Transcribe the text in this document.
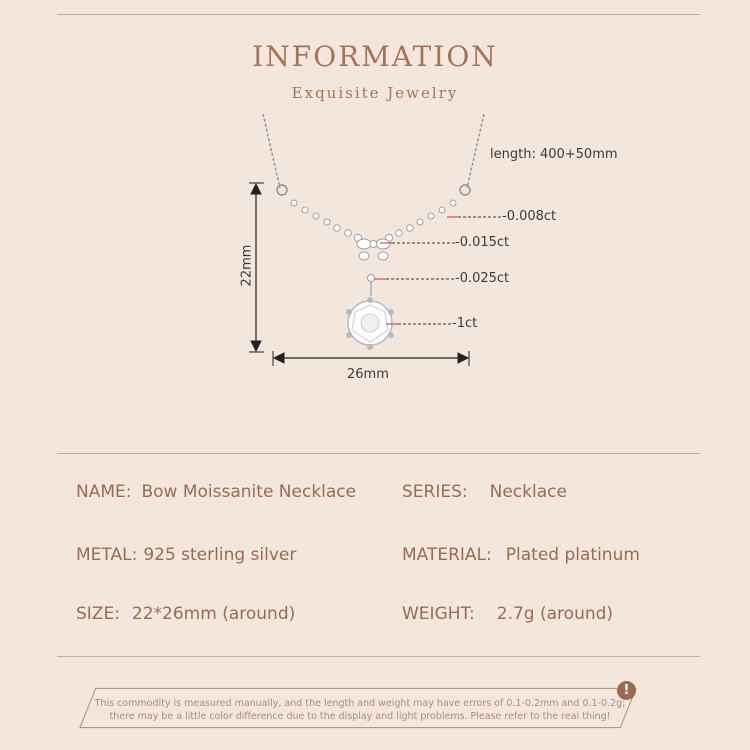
INFORMATION
Exquisite Jewelry
length: 400+50mm
-0.008ct
-0.015ct
-0.025ct
-1ct
22mm
26mm
NAME: Bow Moissanite Necklace	SERIES: Necklace
METAL: 925 sterling silver	MATERIAL: Plated platinum
SIZE: 22*26mm (around)	WEIGHT: 2.7g (around)
!
This commodity is measured manually, and the length and weight may have errors of 0.1-0.2mm and 0.1-0.2g;
there may be a little color difference due to the display and light problems. Please refer to the real thing!
